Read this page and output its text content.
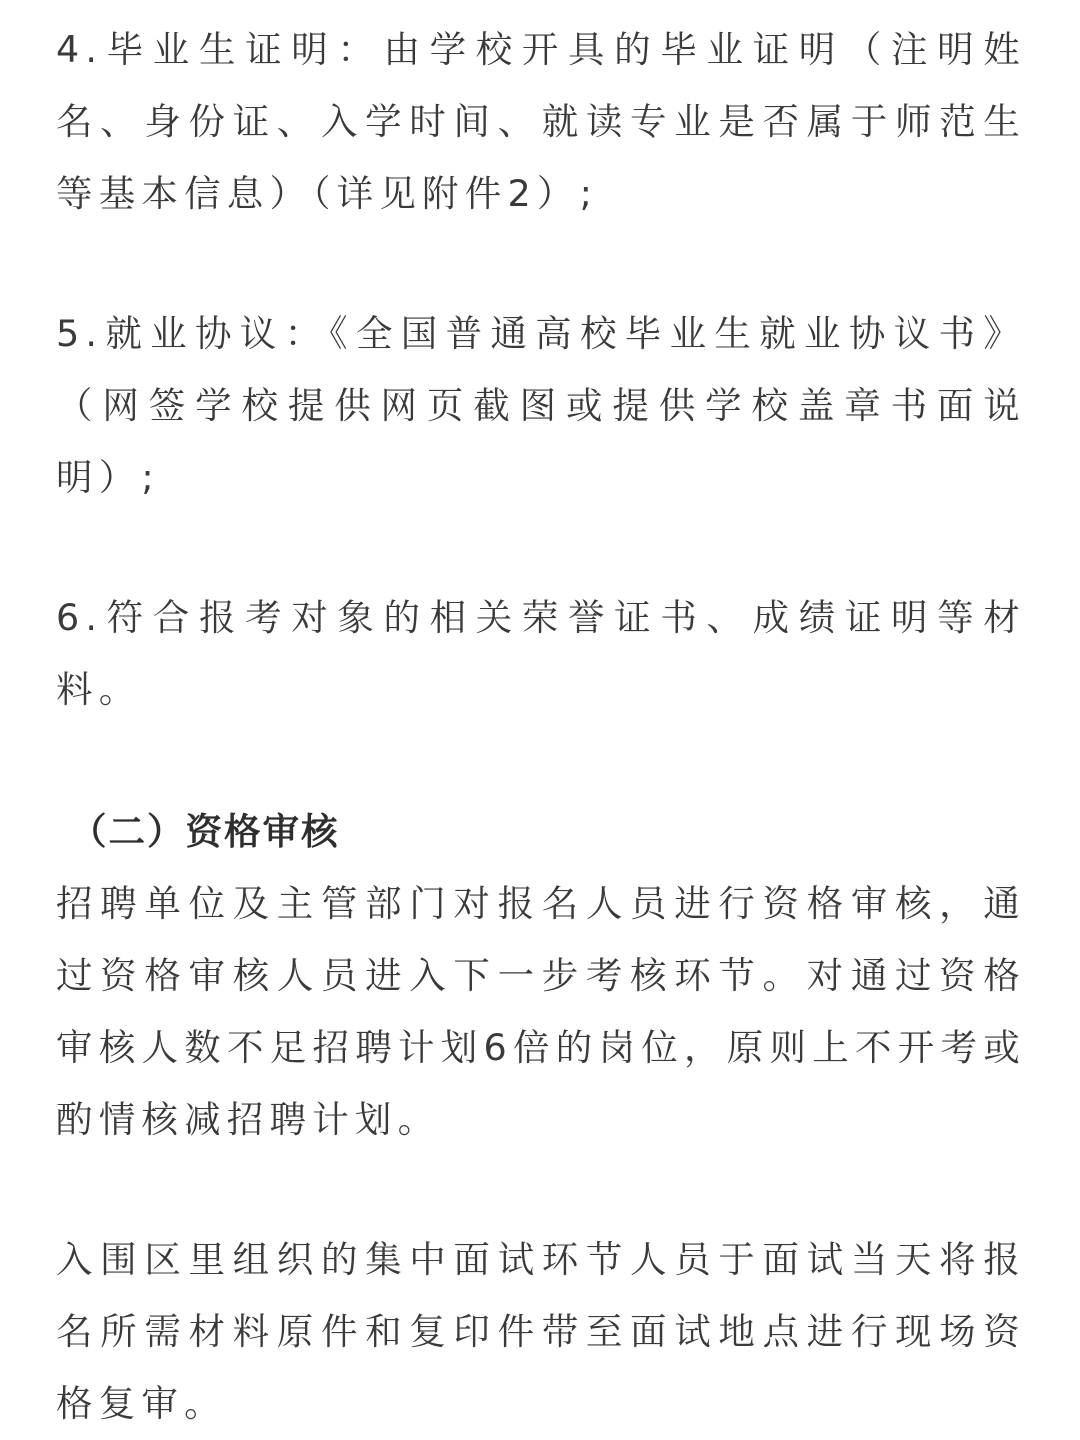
4.毕业生证明：由学校开具的毕业证明（注明姓名、身份证、入学时间、就读专业是否属于师范生等基本信息）（详见附件2）;

5.就业协议：《全国普通高校毕业生就业协议书》（网签学校提供网页截图或提供学校盖章书面说明）;

6.符合报考对象的相关荣誉证书、成绩证明等材料。

（二）资格审核

招聘单位及主管部门对报名人员进行资格审核，通过资格审核人员进入下一步考核环节。对通过资格审核人数不足招聘计划6倍的岗位，原则上不开考或酌情核减招聘计划。

入围区里组织的集中面试环节人员于面试当天将报名所需材料原件和复印件带至面试地点进行现场资格复审。
